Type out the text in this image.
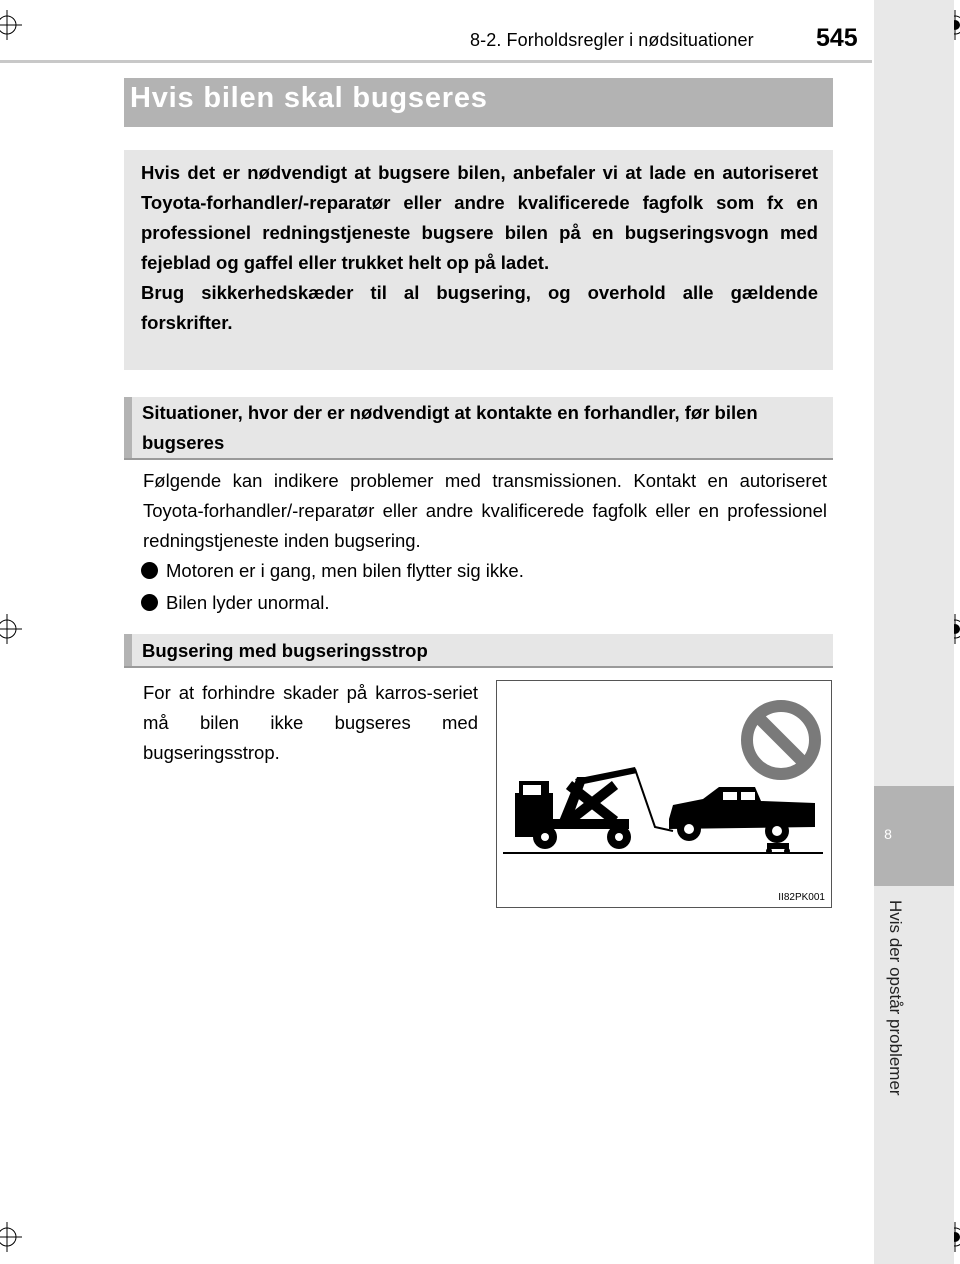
8
Hvis der opstår problemer
8-2. Forholdsregler i nødsituationer 545
Hvis bilen skal bugseres
Hvis det er nødvendigt at bugsere bilen, anbefaler vi at lade en autoriseret Toyota-forhandler/-reparatør eller andre kvalificerede fagfolk som fx en professionel redningstjeneste bugsere bilen på en bugseringsvogn med fejeblad og gaffel eller trukket helt op på ladet.
Brug sikkerhedskæder til al bugsering, og overhold alle gældende forskrifter.
Situationer, hvor der er nødvendigt at kontakte en forhandler, før bilen bugseres
Følgende kan indikere problemer med transmissionen. Kontakt en autoriseret Toyota-forhandler/-reparatør eller andre kvalificerede fagfolk eller en professionel redningstjeneste inden bugsering.
Motoren er i gang, men bilen flytter sig ikke.
Bilen lyder unormal.
Bugsering med bugseringsstrop
For at forhindre skader på karros-seriet må bilen ikke bugseres med bugseringsstrop.
II82PK001
